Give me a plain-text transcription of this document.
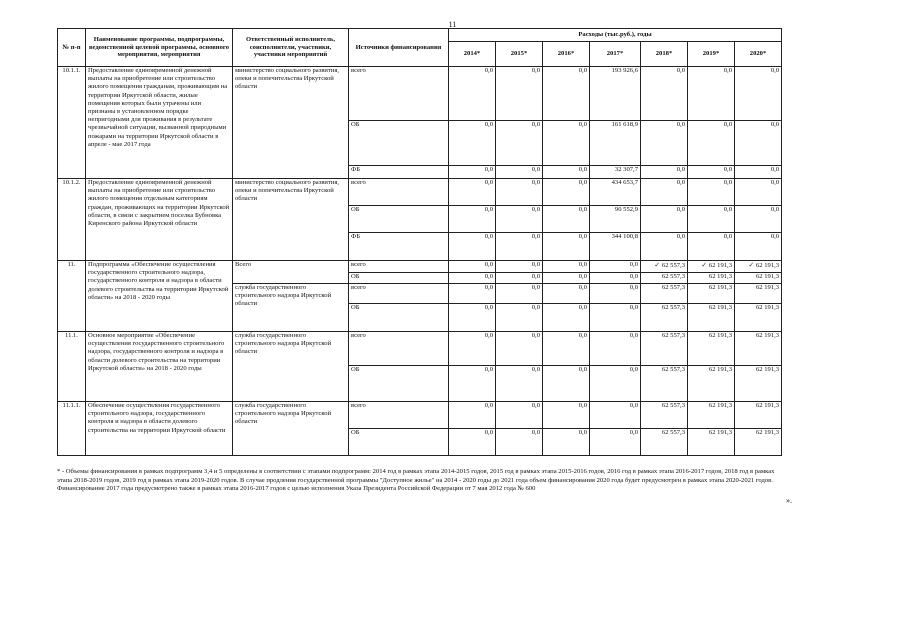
11
№ п-п	Наименование программы, подпрограммы, ведомственной целевой программы, основного мероприятия, мероприятия	Ответственный исполнитель, соисполнители, участники, участники мероприятий	Источники финансирования	Расходы (тыс.руб.), годы						
				2014*	2015*	2016*	2017*	2018*	2019*	2020*
10.1.1.	Предоставление единовременной денежной выплаты на приобретение или строительство жилого помещения гражданам, проживающим на территории Иркутской области, жилые помещения которых были утрачены или признаны в установленном порядке непригодными для проживания в результате чрезвычайной ситуации, вызванной природными пожарами на территории Иркутской области в апреле - мае 2017 года	министерство социального развития, опеки и попечительства Иркутской области	всего	0,0	0,0	0,0	193 926,6	0,0	0,0	0,0
			ОБ	0,0	0,0	0,0	161 618,9	0,0	0,0	0,0
			ФБ	0,0	0,0	0,0	32 307,7	0,0	0,0	0,0
10.1.2.	Предоставление единовременной денежной выплаты на приобретение или строительство жилого помещения отдельным категориям граждан, проживающих на территории Иркутской области, в связи с закрытием поселка Бубновка Киренского района Иркутской области	министерство социального развития, опеки и попечительства Иркутской области	всего	0,0	0,0	0,0	434 653,7	0,0	0,0	0,0
			ОБ	0,0	0,0	0,0	90 552,9	0,0	0,0	0,0
			ФБ	0,0	0,0	0,0	344 100,8	0,0	0,0	0,0
11.	Подпрограмма «Обеспечение осуществления государственного строительного надзора, государственного контроля и надзора в области долевого строительства на территории Иркутской области» на 2018 - 2020 годы	Всего	всего	0,0	0,0	0,0	0,0	✓ 62 557,3	✓ 62 191,3	✓ 62 191,3
			ОБ	0,0	0,0	0,0	0,0	62 557,3	62 191,3	62 191,3
		служба государственного строительного надзора Иркутской области	всего	0,0	0,0	0,0	0,0	62 557,3	62 191,3	62 191,3
			ОБ	0,0	0,0	0,0	0,0	62 557,3	62 191,3	62 191,3
11.1.	Основное мероприятие «Обеспечение осуществления государственного строительного надзора, государственного контроля и надзора в области долевого строительства на территории Иркутской области» на 2018 - 2020 годы	служба государственного строительного надзора Иркутской области	всего	0,0	0,0	0,0	0,0	62 557,3	62 191,3	62 191,3
			ОБ	0,0	0,0	0,0	0,0	62 557,3	62 191,3	62 191,3
11.1.1.	Обеспечение осуществления государственного строительного надзора, государственного контроля и надзора в области долевого строительства на территории Иркутской области	служба государственного строительного надзора Иркутской области	всего	0,0	0,0	0,0	0,0	62 557,3	62 191,3	62 191,3
			ОБ	0,0	0,0	0,0	0,0	62 557,3	62 191,3	62 191,3

* - Объемы финансирования в рамках подпрограмм 3,4 и 5 определены в соответствии с этапами подпрограмм: 2014 год в рамках этапа 2014-2015 годов, 2015 год в рамках этапа 2015-2016 годов, 2016 год в рамках этапа 2016-2017 годов, 2018 год в рамках этапа 2018-2019 годов, 2019 год в рамках этапа 2019-2020 годов. В случае продления государственной программы "Доступное жилье" на 2014 - 2020 годы до 2021 года объем финансирования 2020 года будет предусмотрен в рамках этапа 2020-2021 годов.

Финансирование 2017 года предусмотрено также в рамках этапа 2016-2017 годов с целью исполнения Указа Президента Российской Федерации от 7 мая 2012 года № 600

».
